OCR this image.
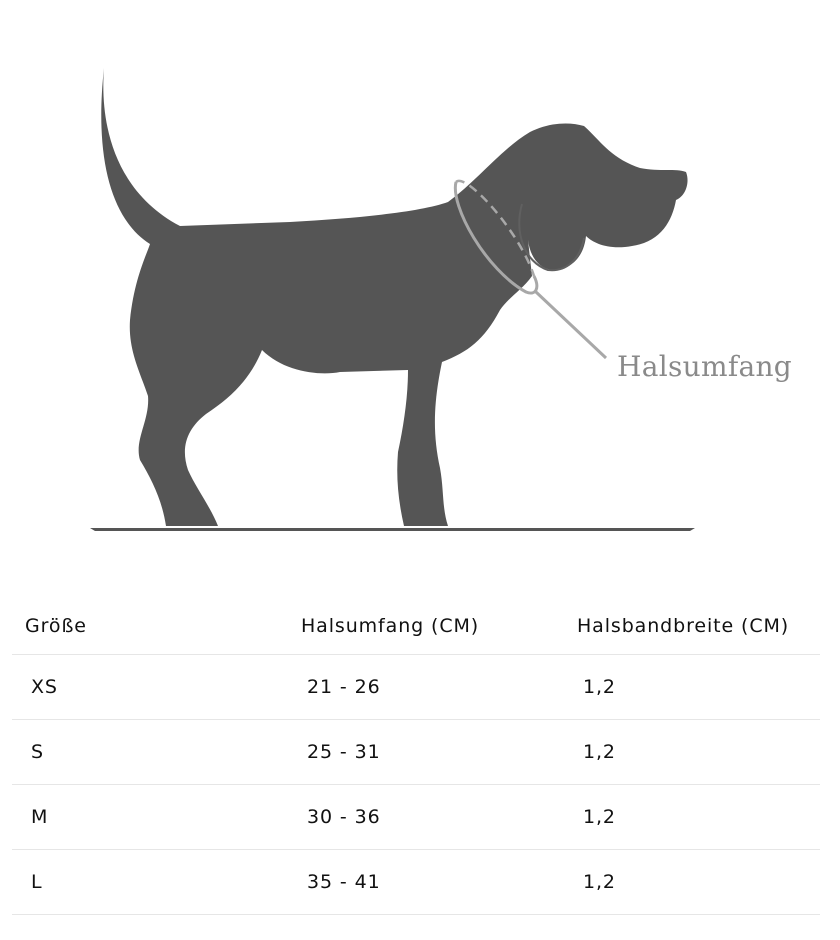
Halsumfang
Größe	Halsumfang (CM)	Halsbandbreite (CM)
XS	21 - 26	1,2
S	25 - 31	1,2
M	30 - 36	1,2
L	35 - 41	1,2
